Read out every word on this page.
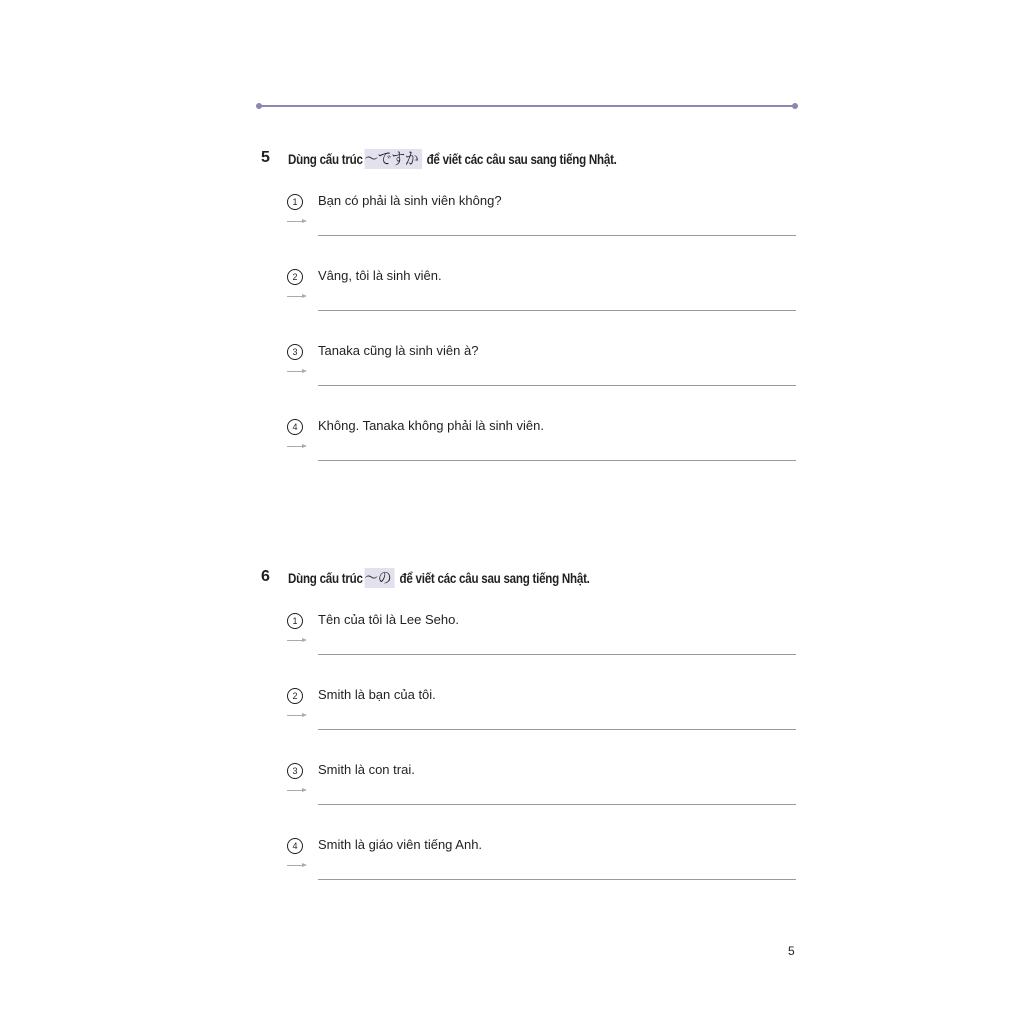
5 Dùng cấu trúc 〜ですか để viết các câu sau sang tiếng Nhật.
1	Bạn có phải là sinh viên không?
2	Vâng, tôi là sinh viên.
3	Tanaka cũng là sinh viên à?
4	Không. Tanaka không phải là sinh viên.
6 Dùng cấu trúc 〜の để viết các câu sau sang tiếng Nhật.
1	Tên của tôi là Lee Seho.
2	Smith là bạn của tôi.
3	Smith là con trai.
4	Smith là giáo viên tiếng Anh.
5
